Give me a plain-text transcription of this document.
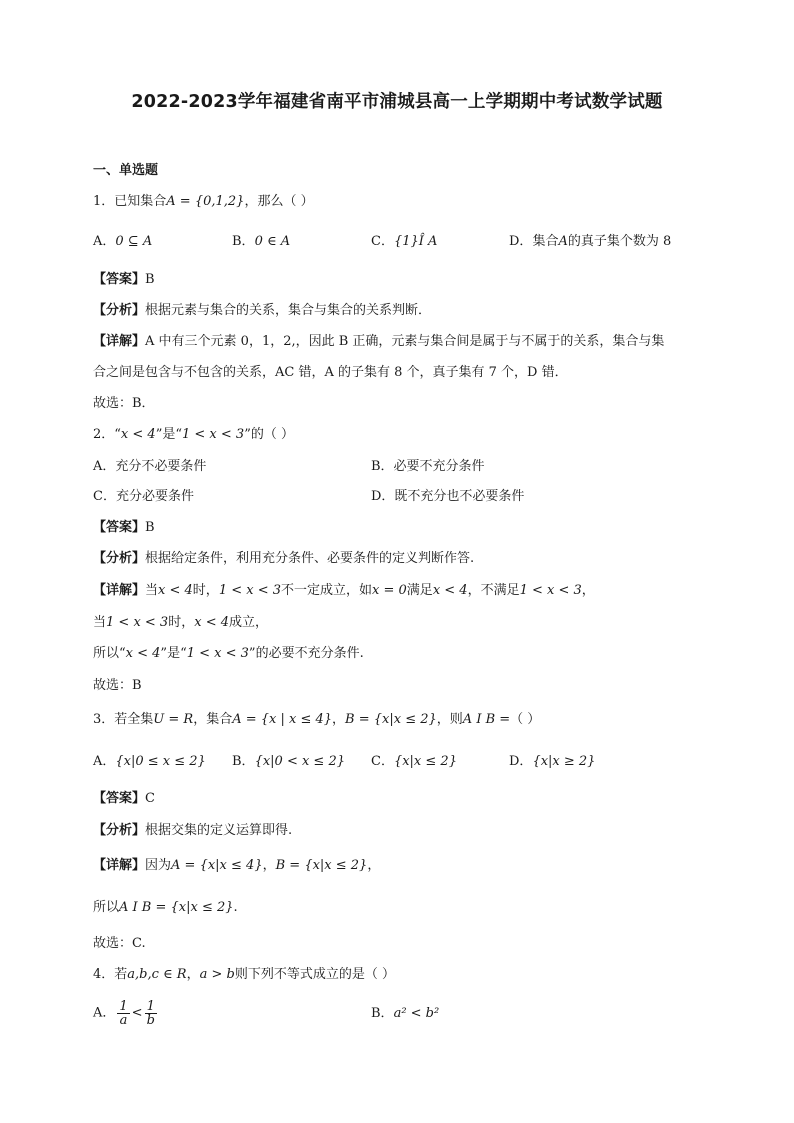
2022-2023学年福建省南平市浦城县高一上学期期中考试数学试题
一、单选题
1．已知集合A = {0,1,2}，那么（ ）
A．0 ⊆ A	B．0 ∈ A	C．{1}Î A	D．集合A的真子集个数为 8
【答案】B
【分析】根据元素与集合的关系，集合与集合的关系判断．
【详解】A 中有三个元素 0，1，2,，因此 B 正确，元素与集合间是属于与不属于的关系，集合与集
合之间是包含与不包含的关系，AC 错，A 的子集有 8 个，真子集有 7 个，D 错．
故选：B．
2．“x < 4”是“1 < x < 3”的（ ）
A．充分不必要条件	B．必要不充分条件
C．充分必要条件	D．既不充分也不必要条件
【答案】B
【分析】根据给定条件，利用充分条件、必要条件的定义判断作答.
【详解】当x < 4时，1 < x < 3不一定成立，如x = 0满足x < 4，不满足1 < x < 3，
当1 < x < 3时，x < 4成立，
所以“x < 4”是“1 < x < 3”的必要不充分条件.
故选：B
3．若全集U = R，集合A = {x | x ≤ 4}，B = {x|x ≤ 2}，则A I B =（ ）
A．{x|0 ≤ x ≤ 2} B．{x|0 < x ≤ 2} C．{x|x ≤ 2}	D．{x|x ≥ 2}
【答案】C
【分析】根据交集的定义运算即得.
【详解】因为A = {x|x ≤ 4}，B = {x|x ≤ 2}，
所以A I B = {x|x ≤ 2}.
故选：C.
4．若a,b,c ∈ R，a > b则下列不等式成立的是（ ）
A． $\frac{1}{a} < \frac{1}{b}$	B．a² < b²
